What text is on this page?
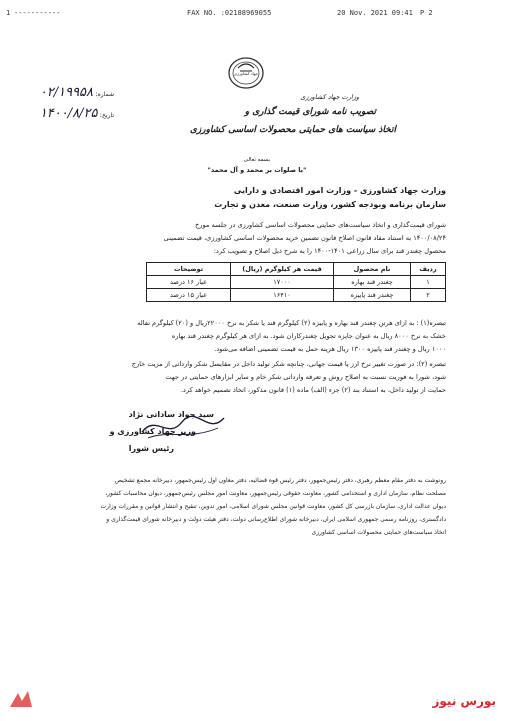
1 -----------	FAX NO. :02188969055	20 Nov. 2021 09:41 P 2
جهاد کشاورزی
وزارت جهاد کشاورزی
تصویب نامه شورای قیمت گذاری و
اتخاذ سیاست های حمایتی محصولات اساسی کشاورزی
شماره: ۰۲/۱۹۹۵۸
تاریخ: ۱۴۰۰/۸/۲۵
بسمه تعالی
"با صلوات بر محمد و آل محمد"
وزارت جهاد کشاورزی - وزارت امور اقتصادی و دارایی
سازمان برنامه وبودجه کشور، وزارت صنعت، معدن و تجارت
شورای قیمت‌گذاری و اتخاذ سیاست‌های حمایتی محصولات اساسی کشاورزی در جلسه مورخ
۱۴۰۰/۰۸/۲۴ به استناد مفاد قانون اصلاح قانون تضمین خرید محصولات اساسی کشاورزی، قیمت تضمینی
محصول چغندر قند برای سال زراعی ۱۴۰۱-۱۴۰۰ را به شرح ذیل اصلاح و تصویب کرد:
ردیف	نام محصول	قیمت هر کیلوگرم (ریال)	توضیحات
۱	چغندر قند بهاره	۱۷۰۰۰	عیار ۱۶ درصد
۲	چغندر قند پاییزه	۱۶۴۱۰	عیار ۱۵ درصد
تبصره(۱) : به ازای هرتن چغندر قند بهاره و پاییزه (۲) کیلوگرم قند یا شکر به نرخ ۲۲۰۰۰ریال و (۲۰) کیلوگرم تفاله
خشک به نرخ ۸۰۰۰ ریال به عنوان جایزه تحویل چغندرکاران شود. به ازای هر کیلوگرم چغندر قند بهاره
۱۰۰۰ ریال و چغندر قند پاییزه ۱۳۰۰ ریال هزینه حمل به قیمت تضمینی اضافه می‌شود.
تبصره (۲): در صورت تغییر نرخ ارز یا قیمت جهانی، چنانچه شکر تولید داخل در مقایسل شکر وارداتی از مزیت خارج
شود، شورا به فوریت نسبت به اصلاح روش و تعرفه وارداتی شکر خام و سایر ابزارهای حمایتی در جهت
حمایت از تولید داخل، به استناد بند (۲) جزء (الف) ماده (۱) قانون مذکور، اتخاذ تصمیم خواهد کرد.
سید جواد ساداتی نژاد
وزیر جهاد کشاورزی و
رئیس شورا
رونوشت به دفتر مقام معظم رهبری، دفتر رئیس‌جمهور، دفتر رئیس قوه قضائیه، دفتر معاون اول رئیس‌جمهور، دبیرخانه مجمع تشخیص
مصلحت نظام، سازمان اداری و استخدامی کشور، معاونت حقوقی رئیس‌جمهور، معاونت امور مجلس رئیس‌جمهور، دیوان محاسبات کشور،
دیوان عدالت اداری، سازمان بازرسی کل کشور، معاونت قوانین مجلس شورای اسلامی، امور تدوین، تنقیح و انتشار قوانین و مقررات وزارت
دادگستری، روزنامه رسمی جمهوری اسلامی ایران، دبیرخانه شورای اطلاع‌رسانی دولت، دفتر هیئت دولت و دبیرخانه شورای قیمت‌گذاری و
اتخاذ سیاست‌های حمایتی محصولات اساسی کشاورزی
بورس نیوز
